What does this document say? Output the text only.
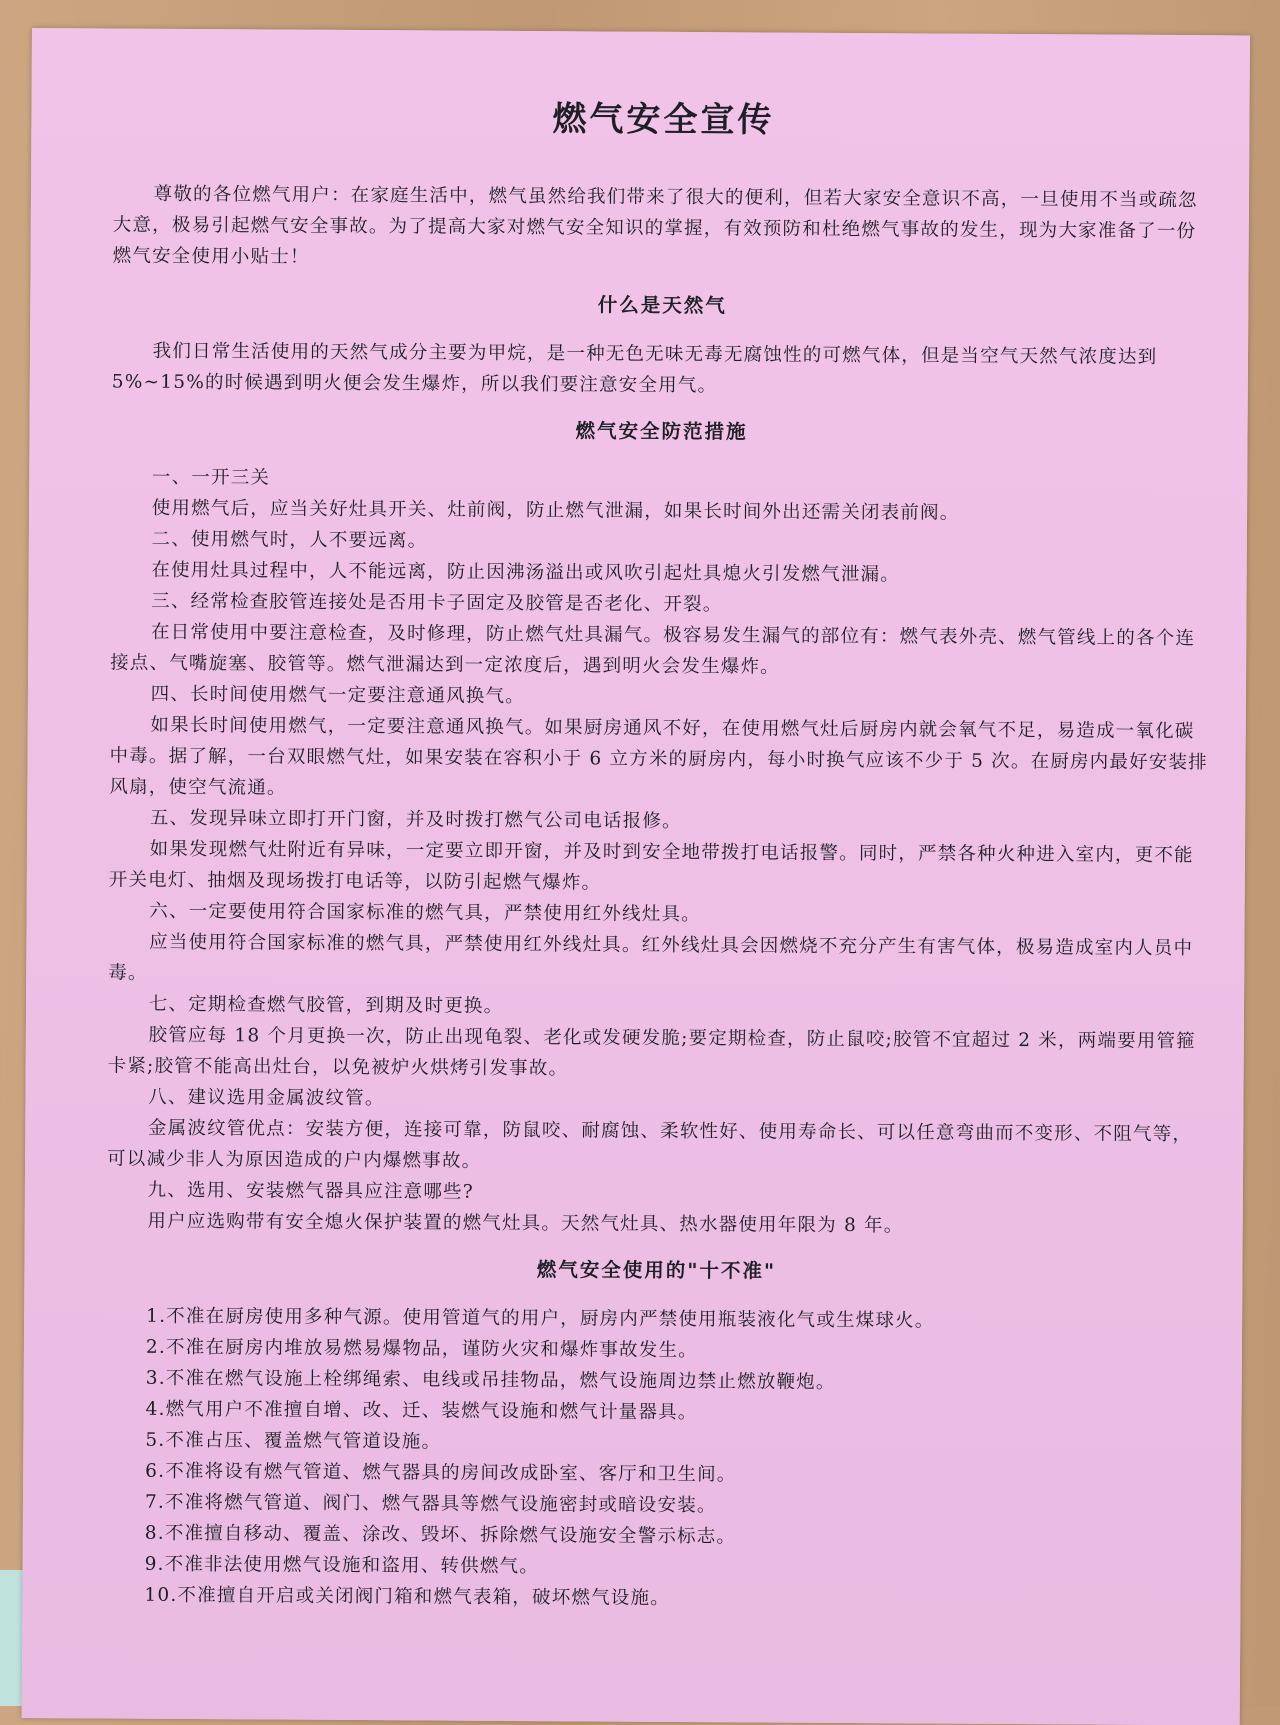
燃气安全宣传

尊敬的各位燃气用户：在家庭生活中，燃气虽然给我们带来了很大的便利，但若大家安全意识不高，一旦使用不当或疏忽大意，极易引起燃气安全事故。为了提高大家对燃气安全知识的掌握，有效预防和杜绝燃气事故的发生，现为大家准备了一份燃气安全使用小贴士！

什么是天然气

我们日常生活使用的天然气成分主要为甲烷，是一种无色无味无毒无腐蚀性的可燃气体，但是当空气天然气浓度达到 5%~15%的时候遇到明火便会发生爆炸，所以我们要注意安全用气。

燃气安全防范措施

一、一开三关

使用燃气后，应当关好灶具开关、灶前阀，防止燃气泄漏，如果长时间外出还需关闭表前阀。

二、使用燃气时，人不要远离。

在使用灶具过程中，人不能远离，防止因沸汤溢出或风吹引起灶具熄火引发燃气泄漏。

三、经常检查胶管连接处是否用卡子固定及胶管是否老化、开裂。

在日常使用中要注意检查，及时修理，防止燃气灶具漏气。极容易发生漏气的部位有：燃气表外壳、燃气管线上的各个连接点、气嘴旋塞、胶管等。燃气泄漏达到一定浓度后，遇到明火会发生爆炸。

四、长时间使用燃气一定要注意通风换气。

如果长时间使用燃气，一定要注意通风换气。如果厨房通风不好，在使用燃气灶后厨房内就会氧气不足，易造成一氧化碳中毒。据了解，一台双眼燃气灶，如果安装在容积小于 6 立方米的厨房内，每小时换气应该不少于 5 次。在厨房内最好安装排风扇，使空气流通。

五、发现异味立即打开门窗，并及时拨打燃气公司电话报修。

如果发现燃气灶附近有异味，一定要立即开窗，并及时到安全地带拨打电话报警。同时，严禁各种火种进入室内，更不能开关电灯、抽烟及现场拨打电话等，以防引起燃气爆炸。

六、一定要使用符合国家标准的燃气具，严禁使用红外线灶具。

应当使用符合国家标准的燃气具，严禁使用红外线灶具。红外线灶具会因燃烧不充分产生有害气体，极易造成室内人员中毒。

七、定期检查燃气胶管，到期及时更换。

胶管应每 18 个月更换一次，防止出现龟裂、老化或发硬发脆;要定期检查，防止鼠咬;胶管不宜超过 2 米，两端要用管箍卡紧;胶管不能高出灶台，以免被炉火烘烤引发事故。

八、建议选用金属波纹管。

金属波纹管优点：安装方便，连接可靠，防鼠咬、耐腐蚀、柔软性好、使用寿命长、可以任意弯曲而不变形、不阻气等，可以减少非人为原因造成的户内爆燃事故。

九、选用、安装燃气器具应注意哪些?

用户应选购带有安全熄火保护装置的燃气灶具。天然气灶具、热水器使用年限为 8 年。

燃气安全使用的"十不准"
1.不准在厨房使用多种气源。使用管道气的用户，厨房内严禁使用瓶装液化气或生煤球火。
2.不准在厨房内堆放易燃易爆物品，谨防火灾和爆炸事故发生。
3.不准在燃气设施上栓绑绳索、电线或吊挂物品，燃气设施周边禁止燃放鞭炮。
4.燃气用户不准擅自增、改、迁、装燃气设施和燃气计量器具。
5.不准占压、覆盖燃气管道设施。
6.不准将设有燃气管道、燃气器具的房间改成卧室、客厅和卫生间。
7.不准将燃气管道、阀门、燃气器具等燃气设施密封或暗设安装。
8.不准擅自移动、覆盖、涂改、毁坏、拆除燃气设施安全警示标志。
9.不准非法使用燃气设施和盗用、转供燃气。
10.不准擅自开启或关闭阀门箱和燃气表箱，破坏燃气设施。
